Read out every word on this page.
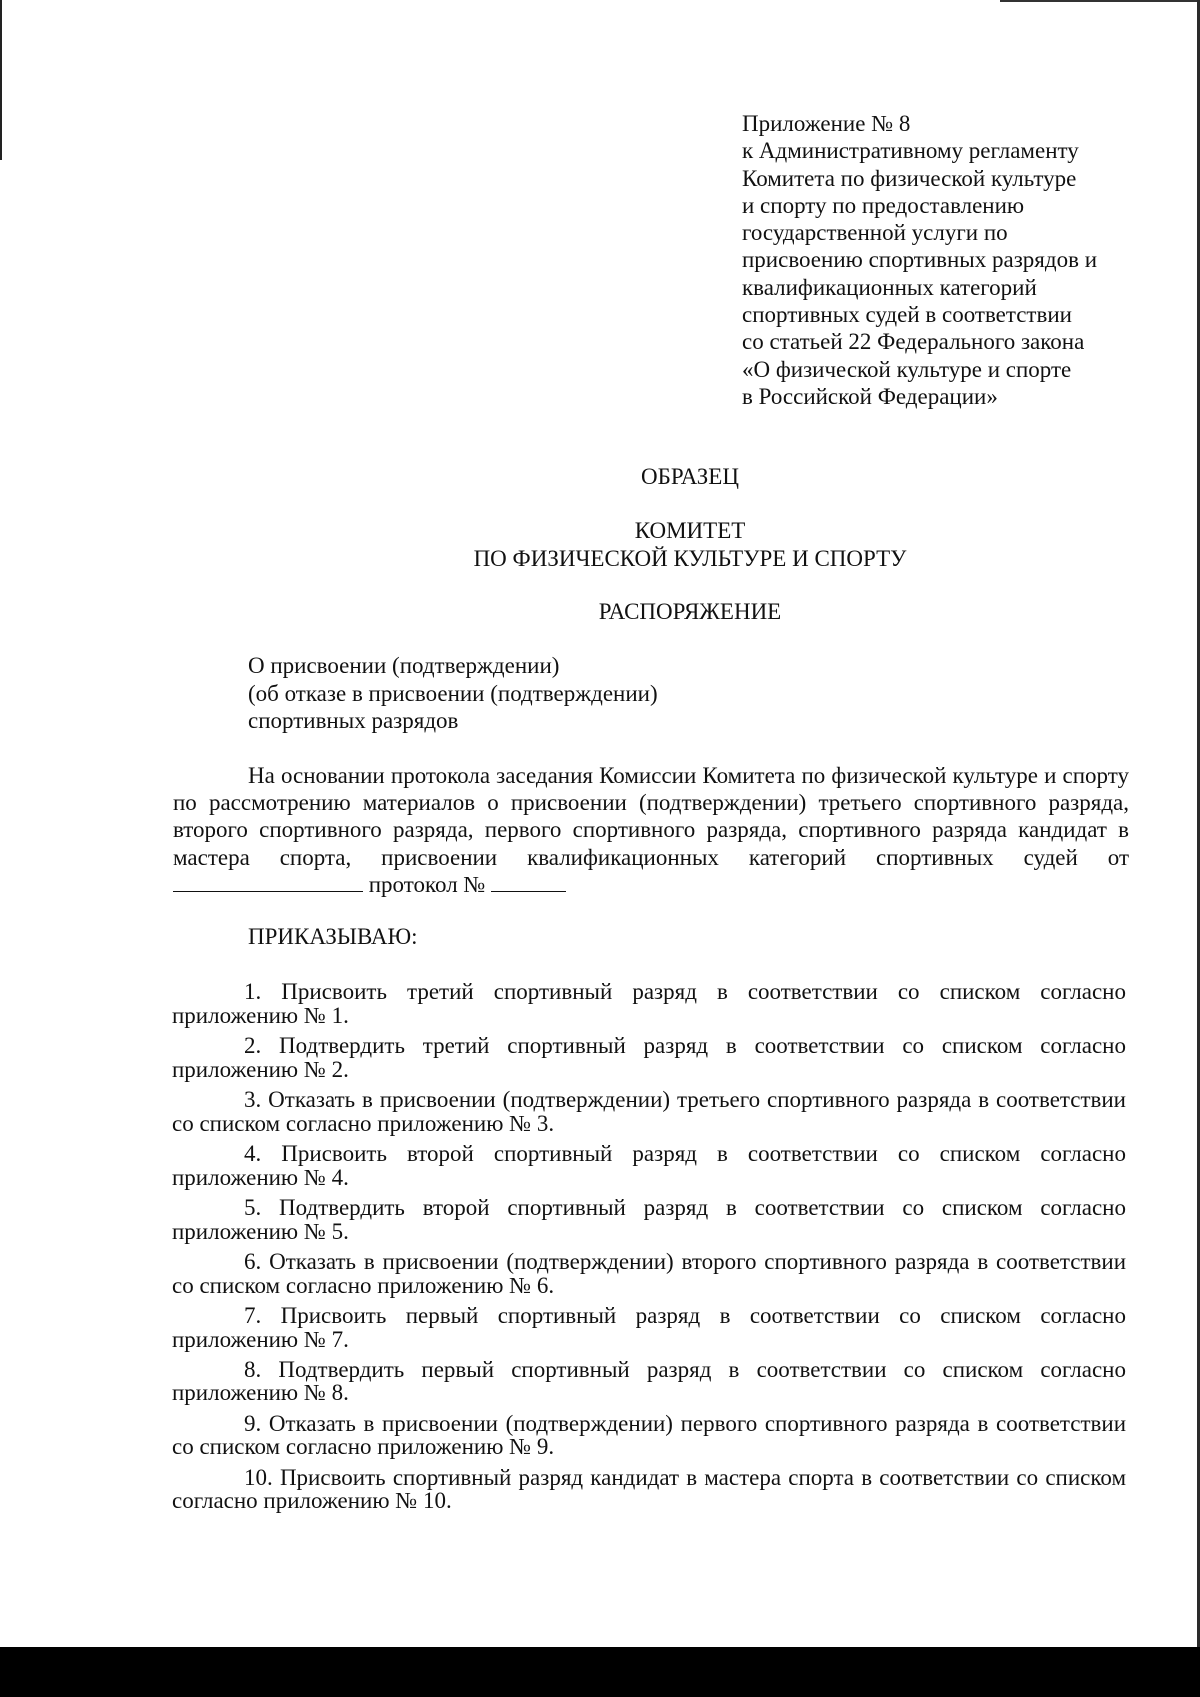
Приложение № 8
к Административному регламенту
Комитета по физической культуре
и спорту по предоставлению
государственной услуги по
присвоению спортивных разрядов и
квалификационных категорий
спортивных судей в соответствии
со статьей 22 Федерального закона
«О физической культуре и спорте
в Российской Федерации»
ОБРАЗЕЦ
КОМИТЕТ
ПО ФИЗИЧЕСКОЙ КУЛЬТУРЕ И СПОРТУ
РАСПОРЯЖЕНИЕ
О присвоении (подтверждении)
(об отказе в присвоении (подтверждении)
спортивных разрядов
На основании протокола заседания Комиссии Комитета по физической культуре и спорту по рассмотрению материалов о присвоении (подтверждении) третьего спортивного разряда, второго спортивного разряда, первого спортивного разряда, спортивного разряда кандидат в мастера спорта, присвоении квалификационных категорий спортивных судей от  протокол №
ПРИКАЗЫВАЮ:
1. Присвоить третий спортивный разряд в соответствии со списком согласно приложению № 1.
2. Подтвердить третий спортивный разряд в соответствии со списком согласно приложению № 2.
3. Отказать в присвоении (подтверждении) третьего спортивного разряда в соответствии со списком согласно приложению № 3.
4. Присвоить второй спортивный разряд в соответствии со списком согласно приложению № 4.
5. Подтвердить второй спортивный разряд в соответствии со списком согласно приложению № 5.
6. Отказать в присвоении (подтверждении) второго спортивного разряда в соответствии со списком согласно приложению № 6.
7. Присвоить первый спортивный разряд в соответствии со списком согласно приложению № 7.
8. Подтвердить первый спортивный разряд в соответствии со списком согласно приложению № 8.
9. Отказать в присвоении (подтверждении) первого спортивного разряда в соответствии со списком согласно приложению № 9.
10. Присвоить спортивный разряд кандидат в мастера спорта в соответствии со списком согласно приложению № 10.
